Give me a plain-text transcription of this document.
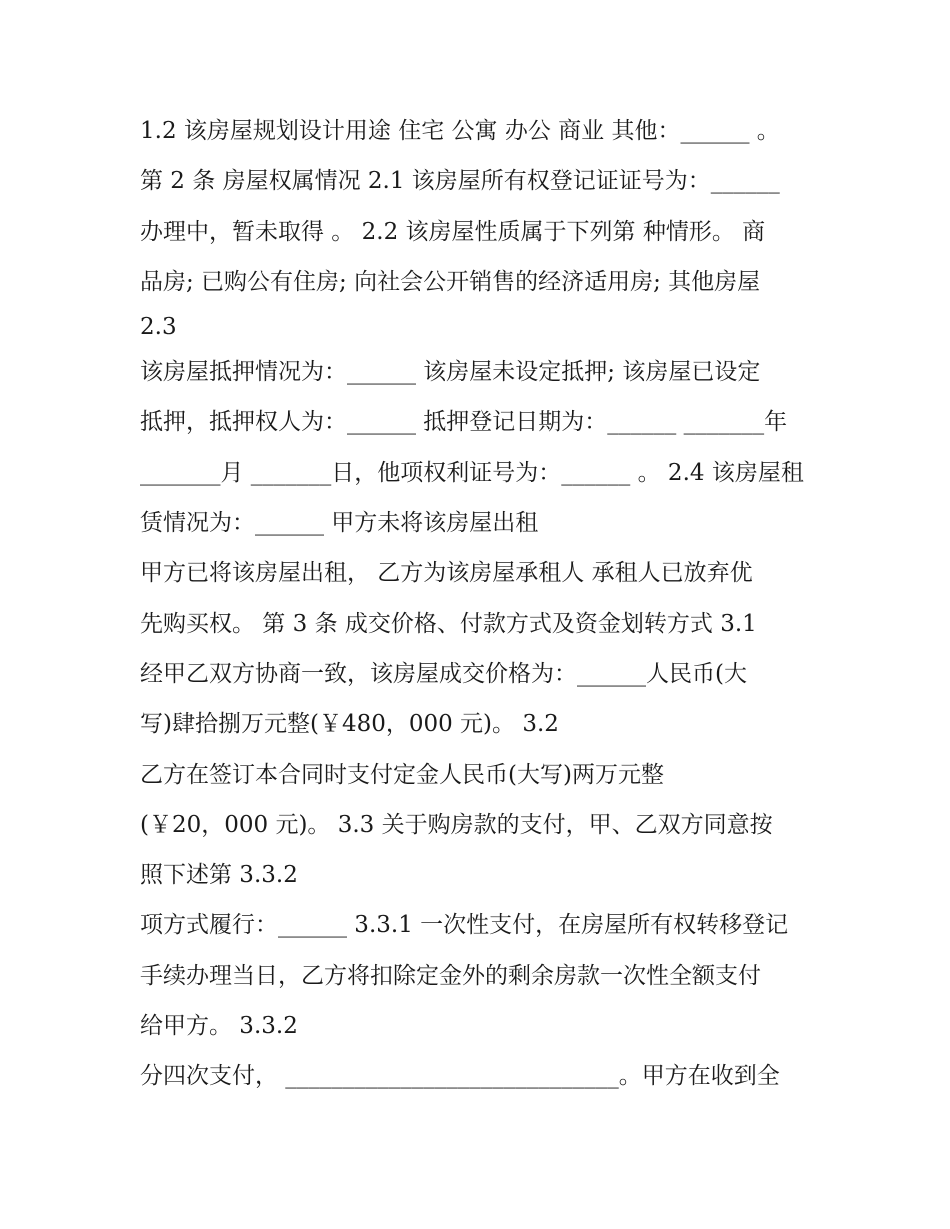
1.2 该房屋规划设计用途 住宅 公寓 办公 商业 其他：______ 。
第 2 条 房屋权属情况 2.1 该房屋所有权登记证证号为：______
办理中，暂未取得 。 2.2 该房屋性质属于下列第 种情形。 商
品房; 已购公有住房; 向社会公开销售的经济适用房; 其他房屋
2.3
该房屋抵押情况为：______ 该房屋未设定抵押; 该房屋已设定
抵押，抵押权人为：______ 抵押登记日期为：______ _______年
_______月 _______日，他项权利证号为：______ 。 2.4 该房屋租
赁情况为：______ 甲方未将该房屋出租
甲方已将该房屋出租， 乙方为该房屋承租人 承租人已放弃优
先购买权。 第 3 条 成交价格、付款方式及资金划转方式 3.1
经甲乙双方协商一致，该房屋成交价格为：______人民币(大
写)肆拾捌万元整(￥480，000 元)。 3.2
乙方在签订本合同时支付定金人民币(大写)两万元整
(￥20，000 元)。 3.3 关于购房款的支付，甲、乙双方同意按
照下述第 3.3.2
项方式履行：______ 3.3.1 一次性支付，在房屋所有权转移登记
手续办理当日，乙方将扣除定金外的剩余房款一次性全额支付
给甲方。 3.3.2
分四次支付， _____________________________。甲方在收到全
